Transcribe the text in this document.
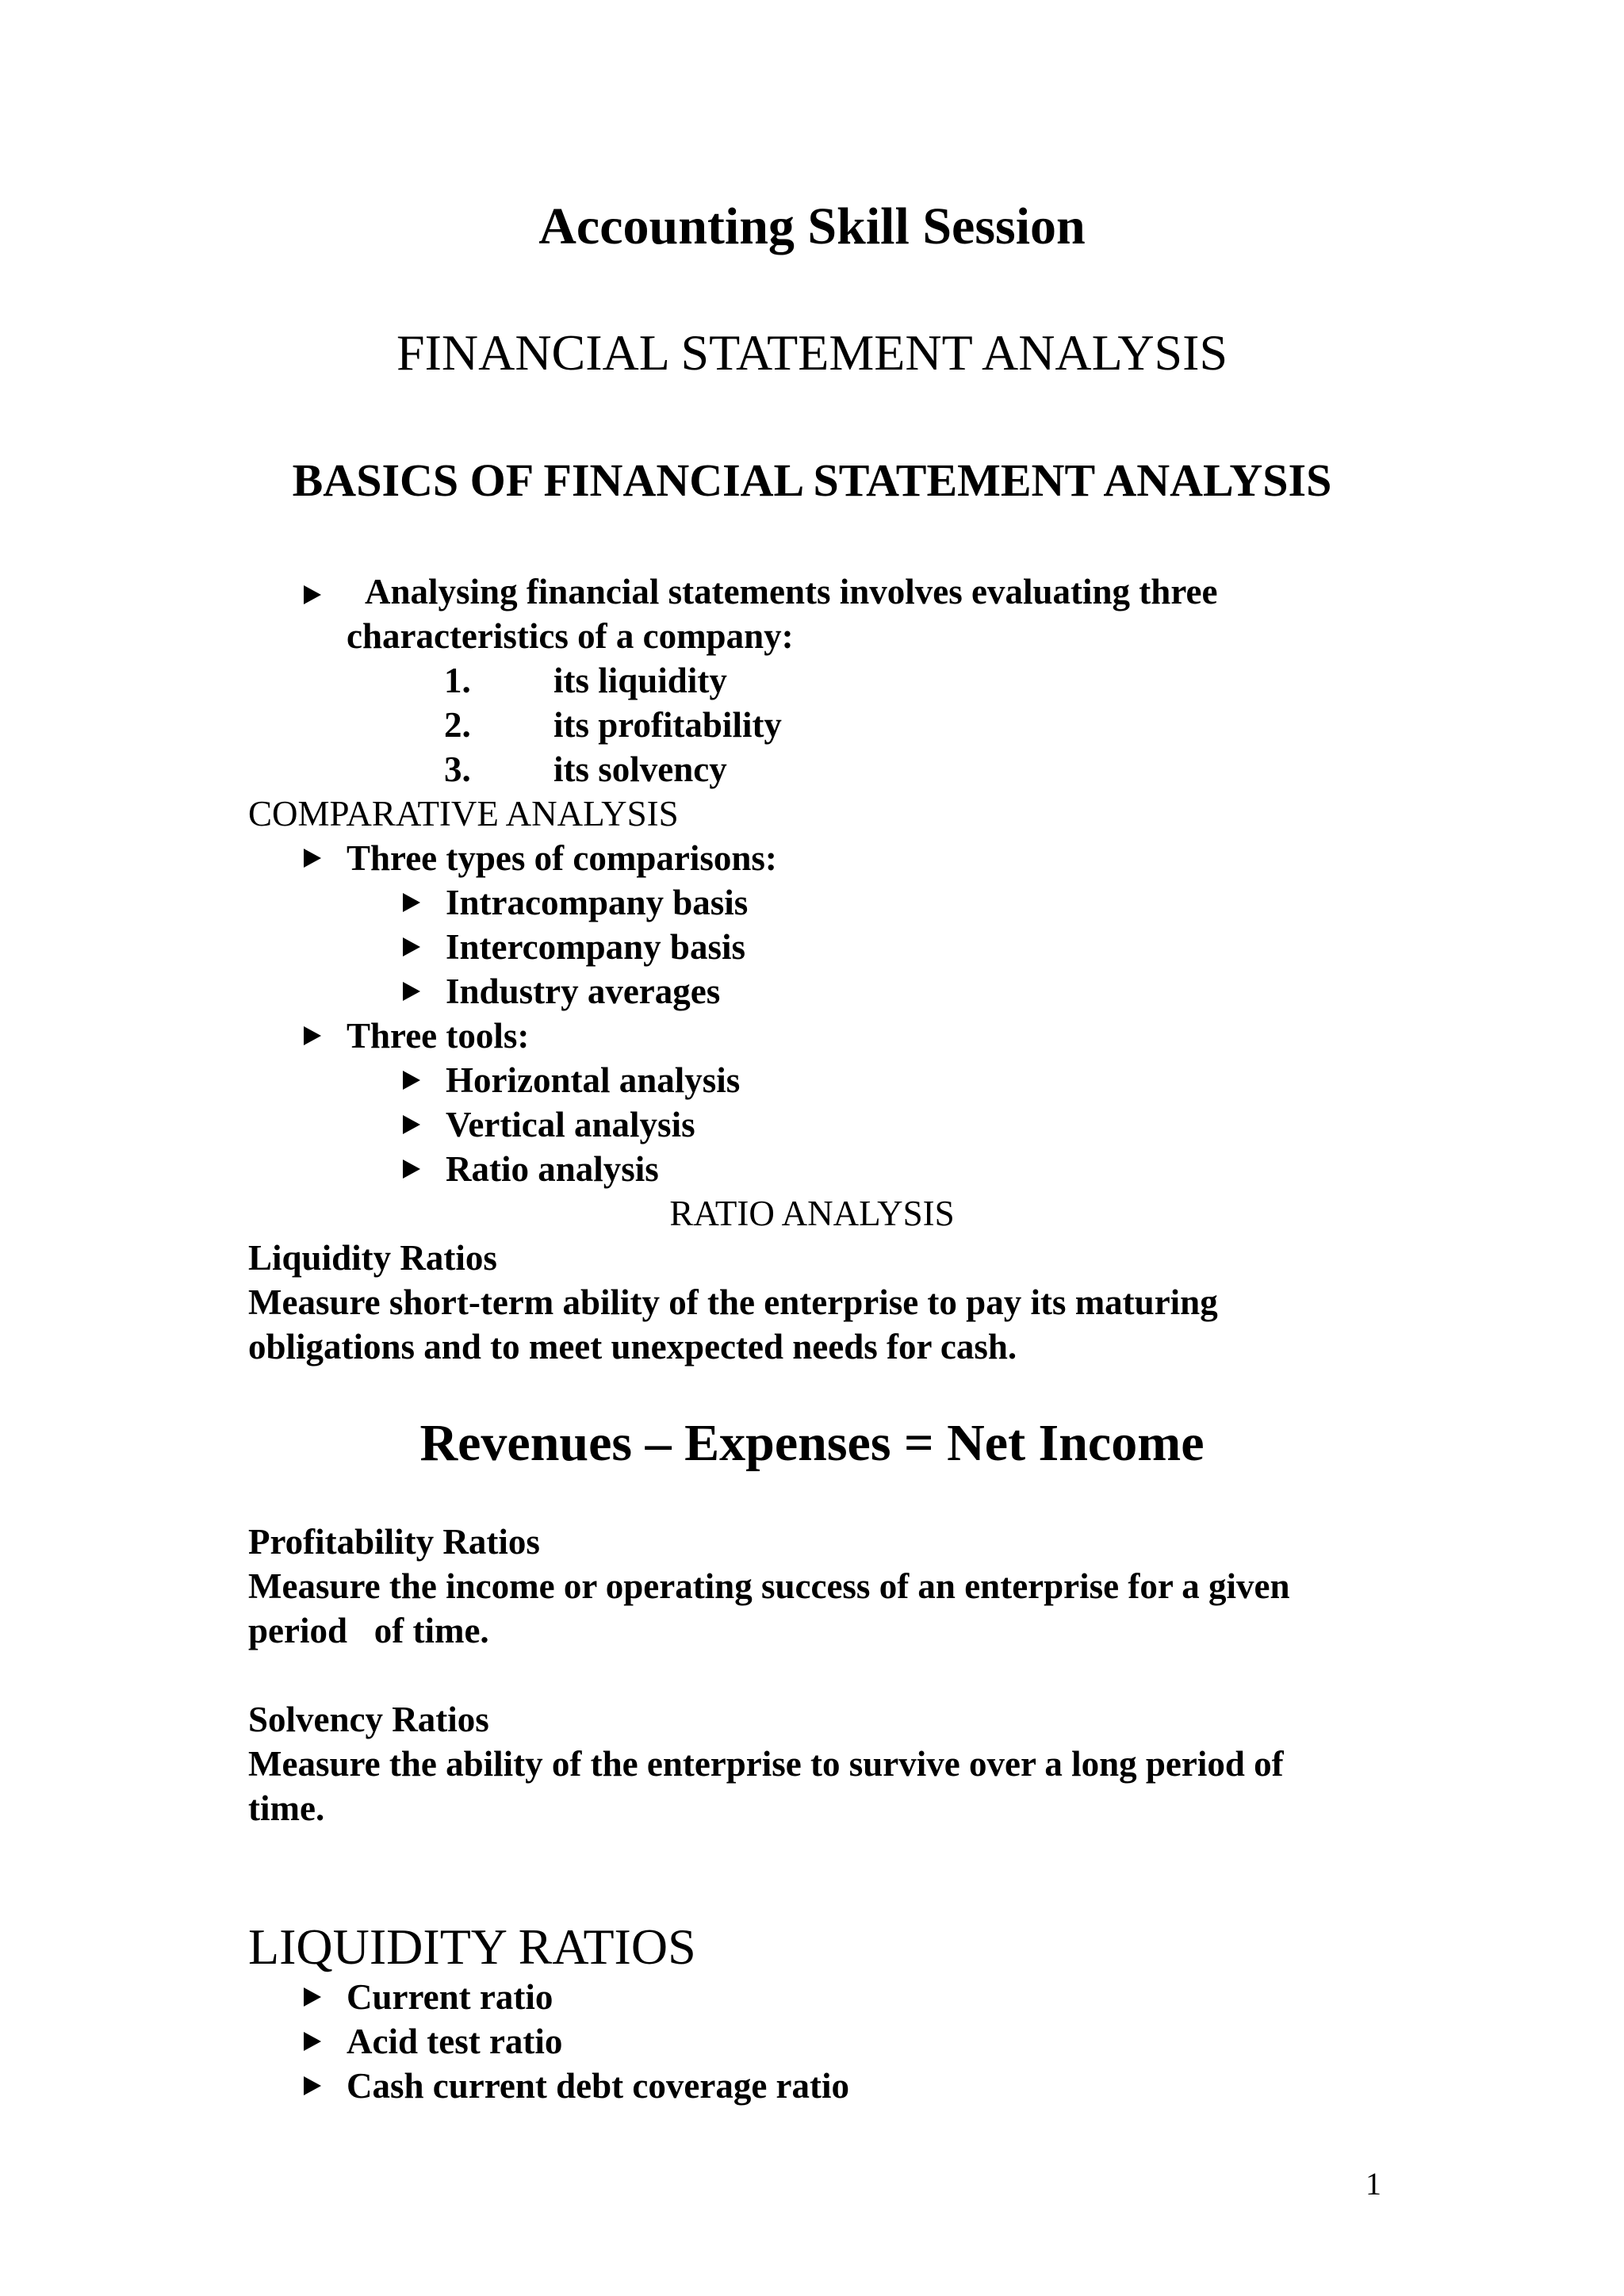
Accounting Skill Session
FINANCIAL STATEMENT ANALYSIS
BASICS OF FINANCIAL STATEMENT ANALYSIS
Analysing financial statements involves evaluating three
characteristics of a company:
1. its liquidity
2. its profitability
3. its solvency
COMPARATIVE ANALYSIS
Three types of comparisons:
Intracompany basis
Intercompany basis
Industry averages
Three tools:
Horizontal analysis
Vertical analysis
Ratio analysis
RATIO ANALYSIS
Liquidity Ratios
Measure short-term ability of the enterprise to pay its maturing
obligations and to meet unexpected needs for cash.
Revenues – Expenses = Net Income
Profitability Ratios
Measure the income or operating success of an enterprise for a given
period   of time.
Solvency Ratios
Measure the ability of the enterprise to survive over a long period of
time.
LIQUIDITY RATIOS
Current ratio
Acid test ratio
Cash current debt coverage ratio
1
